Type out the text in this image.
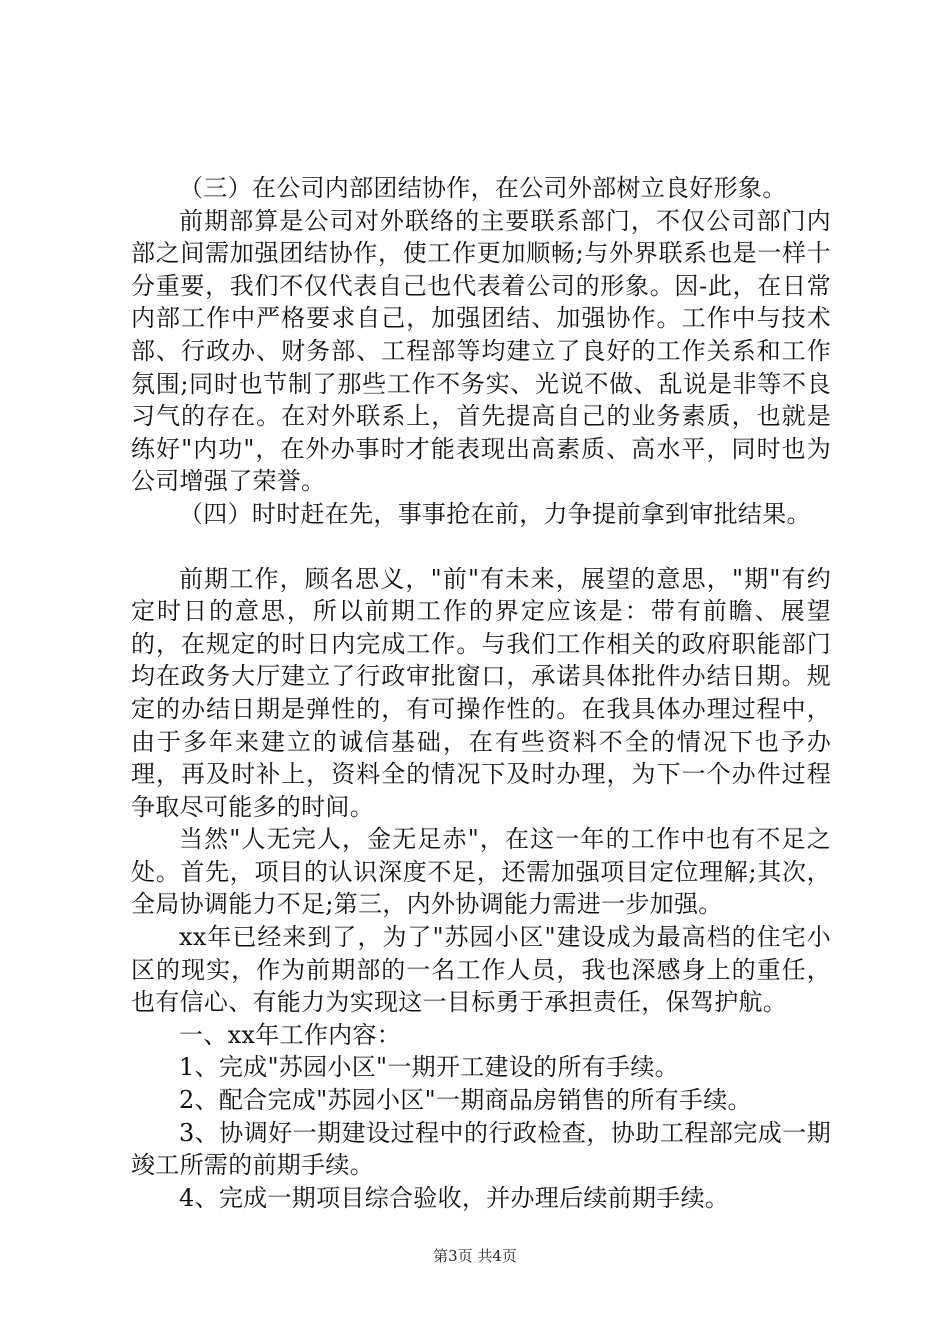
（三）在公司内部团结协作，在公司外部树立良好形象。

前期部算是公司对外联络的主要联系部门，不仅公司部门内部之间需加强团结协作，使工作更加顺畅;与外界联系也是一样十分重要，我们不仅代表自己也代表着公司的形象。因-此，在日常内部工作中严格要求自己，加强团结、加强协作。工作中与技术部、行政办、财务部、工程部等均建立了良好的工作关系和工作氛围;同时也节制了那些工作不务实、光说不做、乱说是非等不良习气的存在。在对外联系上，首先提高自己的业务素质，也就是练好"内功"，在外办事时才能表现出高素质、高水平，同时也为公司增强了荣誉。

（四）时时赶在先，事事抢在前，力争提前拿到审批结果。

前期工作，顾名思义，"前"有未来，展望的意思，"期"有约定时日的意思，所以前期工作的界定应该是：带有前瞻、展望的，在规定的时日内完成工作。与我们工作相关的政府职能部门均在政务大厅建立了行政审批窗口，承诺具体批件办结日期。规定的办结日期是弹性的，有可操作性的。在我具体办理过程中，由于多年来建立的诚信基础，在有些资料不全的情况下也予办理，再及时补上，资料全的情况下及时办理，为下一个办件过程争取尽可能多的时间。

当然"人无完人，金无足赤"，在这一年的工作中也有不足之处。首先，项目的认识深度不足，还需加强项目定位理解;其次，全局协调能力不足;第三，内外协调能力需进一步加强。

xx年已经来到了，为了"苏园小区"建设成为最高档的住宅小区的现实，作为前期部的一名工作人员，我也深感身上的重任，也有信心、有能力为实现这一目标勇于承担责任，保驾护航。

一、xx年工作内容：

1、完成"苏园小区"一期开工建设的所有手续。

2、配合完成"苏园小区"一期商品房销售的所有手续。

3、协调好一期建设过程中的行政检查，协助工程部完成一期竣工所需的前期手续。

4、完成一期项目综合验收，并办理后续前期手续。

第3页 共4页
